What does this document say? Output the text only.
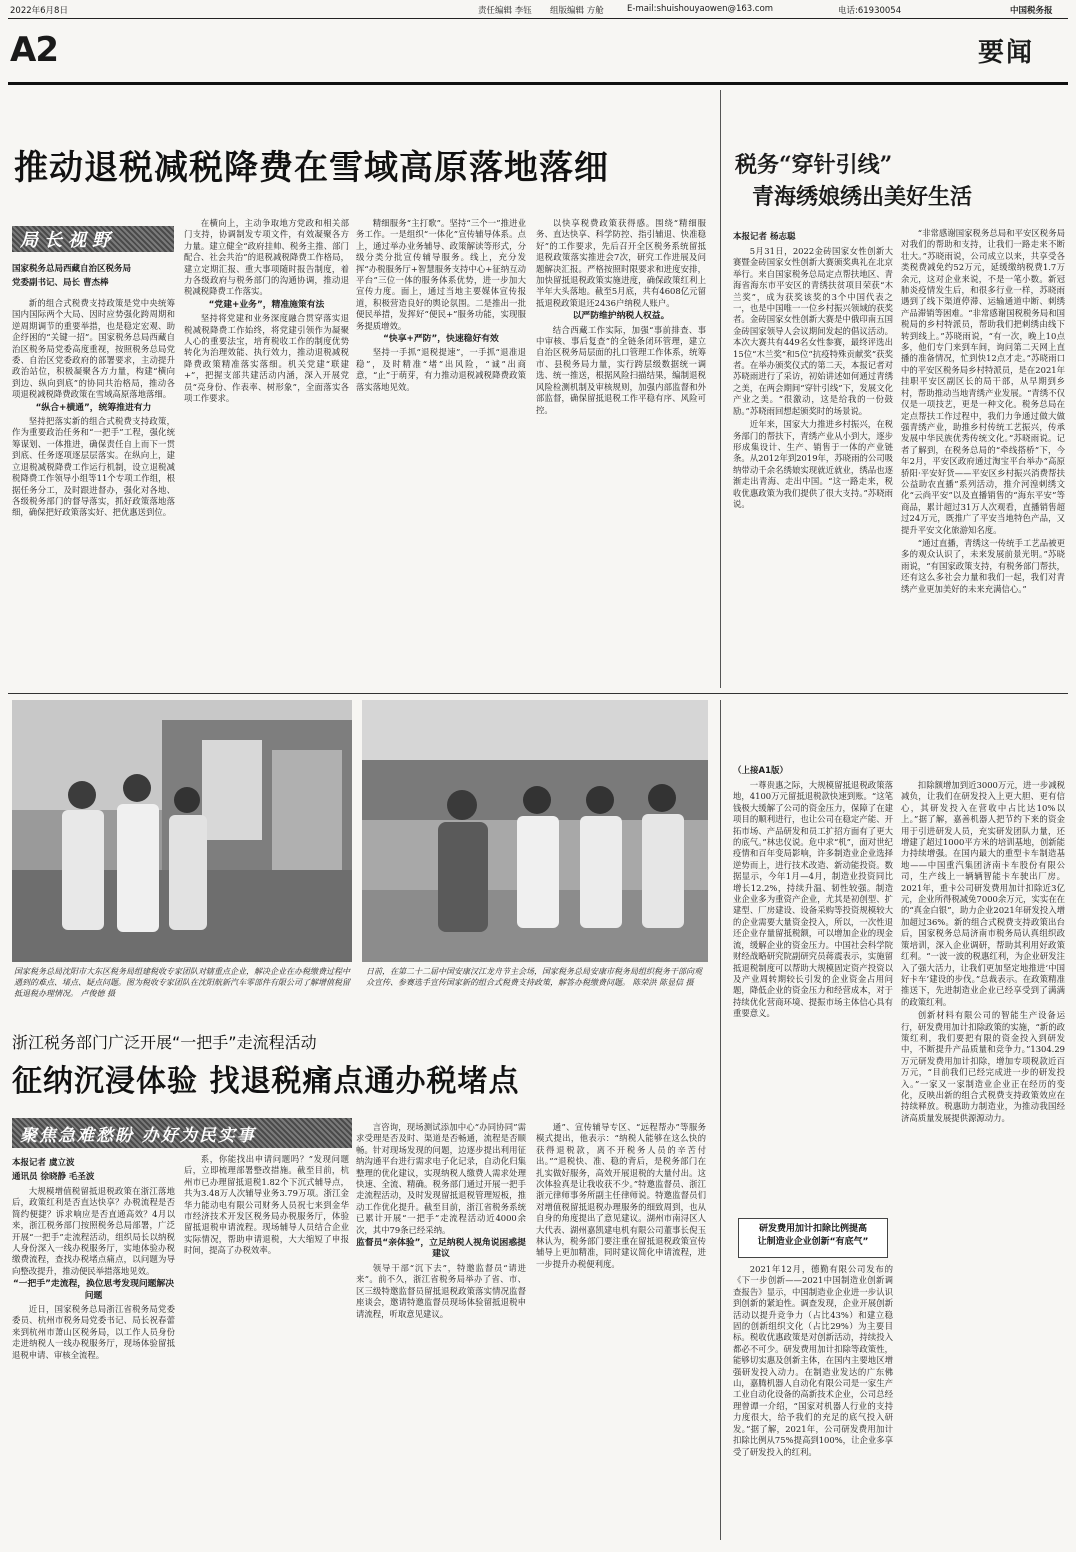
2022年6月8日	责任编辑 李钰 组版编辑 方舱	E-mail:shuishouyaowen@163.com	电话:61930054	中国税务报
A2	要闻
推动退税减税降费在雪域高原落地落细
局长视野
国家税务总局西藏自治区税务局
党委副书记、局长 曹杰棒

新的组合式税费支持政策是党中央统筹国内国际两个大局、因时应势强化跨周期和逆周期调节的重要举措，也是稳定宏观、助企纾困的“关键一招”。国家税务总局西藏自治区税务局党委高度重视，按照税务总局党委、自治区党委政府的部署要求，主动提升政治站位，积极凝聚各方力量，构建“横向到边、纵向到底”的协同共治格局，推动各项退税减税降费政策在雪域高原落地落细。

“纵合+横通”，统筹推进有力

坚持把落实新的组合式税费支持政策，作为重要政治任务和“一把手”工程，强化统筹谋划、一体推进，确保责任自上而下一贯到底、任务逐项逐层层落实。在纵向上，建立退税减税降费工作运行机制，设立退税减税降费工作领导小组等11个专项工作组，根据任务分工，及时跟进督办，强化对各地、各级税务部门的督导落实，抓好政策落地落细，确保把好政策落实好、把优惠送到位。

在横向上，主动争取地方党政和相关部门支持，协调制发专项文件，有效凝聚各方力量。建立健全“政府挂帅、税务主推、部门配合、社会共治”的退税减税降费工作格局，建立定期汇报、重大事项随时报告制度，着力各级政府与税务部门的沟通协调，推动退税减税降费工作落实。

“党建+业务”，精准施策有法

坚持将党建和业务深度融合贯穿落实退税减税降费工作始终，将党建引领作为凝聚人心的重要法宝，培育税收工作的制度优势转化为治理效能、执行效力，推动退税减税降费政策精准落实落细。机关党建“联建+”，把握支部共建活动内涵，深入开展党员“亮身份、作表率、树形象”，全面落实各项工作要求。

精细服务“主打歌”。坚持“三个一”推进业务工作。一是组织“一体化”宣传辅导体系。点上，通过举办业务辅导、政策解读等形式，分级分类分批宣传辅导服务。线上，充分发挥“办税服务厅+智慧服务支持中心+征纳互动平台”三位一体的服务体系优势，进一步加大宣传力度。面上，通过当地主要媒体宣传报道，积极营造良好的舆论氛围。二是推出一批便民举措，发挥好“便民+”服务功能，实现服务提质增效。

“快享+严防”，快速稳好有效

坚持一手抓“退税提速”，一手抓“退准退稳”，及时精准“堵”出风险，“诚”出商意，“止”于萌芽，有力推动退税减税降费政策落实落地见效。

以快享税费政策获得感。围绕“精细服务、直达快享、科学防控、指引辅退、快准稳好”的工作要求，先后召开全区税务系统留抵退税政策落实推进会7次，研究工作进展及问题解决汇报。严格按照时限要求和进度安排，加快留抵退税政策实施进度，确保政策红利上半年大头落地。截至5月底，共有4608亿元留抵退税政策退还2436户纳税人账户。

以严防维护纳税人权益。

结合西藏工作实际，加强“事前排查、事中审核、事后复查”的全链条闭环管理，建立自治区税务局层面的扎口管理工作体系，统筹市、县税务局力量，实行跨层级数据统一调选、统一推送，根据风险扫描结果，编制退税风险检测机制及审核规则，加强内部监督和外部监督，确保留抵退税工作平稳有序、风险可控。

税务“穿针引线”
青海绣娘绣出美好生活
本报记者 杨志聪

5月31日，2022金砖国家女性创新大赛暨金砖国家女性创新大赛颁奖典礼在北京举行。来自国家税务总局定点帮扶地区、青海省海东市平安区的青绣扶贫项目荣获“木兰奖”，成为获奖该奖的3个中国代表之一，也是中国唯一一位乡村振兴领域的获奖者。金砖国家女性创新大赛是中俄印南五国金砖国家领导人会议期间发起的倡议活动。本次大赛共有449名女性参赛，最终评选出15位“木兰奖”和5位“抗疫特殊贡献奖”获奖者。在举办颁奖仪式的第二天，本报记者对苏晓雨进行了采访，初始讲述如何通过青绣之美，在两会期间“穿针引线”下，发展文化产业之美。“很激动，这是给我的一份鼓励。”苏晓雨回想起颁奖时的场景说。

近年来，国家大力推进乡村振兴，在税务部门的帮扶下，青绣产业从小到大，逐步形成集设计、生产、销售于一体的产业链条。从2012年到2019年，苏晓雨的公司吸纳带动千余名绣娘实现就近就业，绣品也逐渐走出青海、走出中国。“这一路走来，税收优惠政策为我们提供了很大支持。”苏晓雨说。

“非常感谢国家税务总局和平安区税务局对我们的帮助和支持，让我们一路走来不断壮大。”苏晓雨说，公司成立以来，共享受各类税费减免约52万元，延缓缴纳税费1.7万余元，这对企业来说，不是一笔小数。新冠肺炎疫情发生后，和很多行业一样，苏晓雨遇到了线下渠道停滞、运输通道中断、刺绣产品滞销等困难。“非常感谢国税税务局和国税局的乡村特派员，帮助我们把刺绣由线下转到线上。”苏晓雨说，“有一次，晚上10点多，他们专门来到车间，询问第二天网上直播的准备情况，忙到快12点才走。”苏晓雨口中的平安区税务局乡村特派员，是在2021年挂职平安区副区长的局干部，从早期到乡村，帮助推动当地青绣产业发展。“青绣不仅仅是一项技艺，更是一种文化。税务总局在定点帮扶工作过程中，我们力争通过做大做强青绣产业，助推乡村传统工艺振兴，传承发展中华民族优秀传统文化。”苏晓雨说。记者了解到，在税务总局的“牵线搭桥”下，今年2月，平安区政府通过淘宝平台举办“高原骄阳·平安好货——平安区乡村振兴消费帮扶公益助农直播”系列活动，推介河湟刺绣文化“云尚平安”以及直播销售的“海东平安”等商品，累计超过31万人次观看，直播销售超过24万元，既推广了平安当地特色产品，又提升平安文化旅游知名度。

“通过直播，青绣这一传统手工艺品被更多的观众认识了，未来发展前景光明。”苏晓雨说，“有国家政策支持，有税务部门帮扶，还有这么多社会力量和我们一起，我们对青绣产业更加美好的未来充满信心。”

国家税务总局沈阳市大东区税务局组建税收专家团队对辖重点企业，解决企业在办税缴费过程中遇到的难点、堵点、疑点问题。图为税收专家团队在沈阳航新汽车零部件有限公司了解增值税留抵退税办理情况。 卢俊德 摄
日前，在第二十二届中国安康汉江龙舟节主会场，国家税务总局安康市税务局组织税务干部向观众宣传、参赛选手宣传国家新的组合式税费支持政策，解答办税缴费问题。 陈荣洪 陈显信 摄
（上接A1版）

一尊贵惠之际，大规模留抵退税政策落地，4100万元留抵退税款快速到账。“这笔钱极大缓解了公司的资金压力，保障了在建项目的顺利进行，也让公司在稳定产能、开拓市场、产品研发和员工扩招方面有了更大的底气。”林忠仪说。危中求“机”，面对世纪疫情和百年变局影响，许多制造业企业选择逆势而上，进行技术改造、新动能投资。数据显示，今年1月—4月，制造业投资同比增长12.2%，持续升温、韧性较强。制造业企业多为重资产企业，尤其是初创型、扩建型、厂房建设、设备采购等投资规模较大的企业需要大量资金投入，所以，一次性退还企业存量留抵税额，可以增加企业的现金流，缓解企业的资金压力。中国社会科学院财经战略研究院副研究员蒋震表示，实施留抵退税制度可以帮助大规模固定资产投资以及产业周转期较长引发的企业资金占用问题，降低企业的资金压力和经营成本，对于持续优化营商环境、提振市场主体信心具有重要意义。

扣除额增加到近3000万元，进一步减税减负，让我们在研发投入上更大胆、更有信心，其研发投入在营收中占比达10%以上。”据了解，嘉善机器人把节约下来的资金用于引进研发人员，充实研发团队力量，还增建了超过1000平方米的培训基地，创新能力持续增强。在国内最大的重型卡车制造基地——中国重汽集团济南卡车股份有限公司，生产线上一辆辆智能卡车驶出厂房。2021年，重卡公司研发费用加计扣除近3亿元，企业所得税减免7000余万元，实实在在的“真金白银”，助力企业2021年研发投入增加超过36%。新的组合式税费支持政策出台后，国家税务总局济南市税务局认真组织政策培训，深入企业调研，帮助其利用好政策红利。“一波一波的税惠红利，为企业研发注入了强大活力，让我们更加坚定地推进‘中国好卡车’建设的步伐。”总裁表示。在政策精准推送下，先进制造业企业已经享受到了满满的政策红利。

创新材料有限公司的智能生产设备运行，研发费用加计扣除政策的实施，“新的政策红利，我们要把有限的资金投入到研发中，不断提升产品质量和竞争力。”1304.29万元研发费用加计扣除，增加专项税款近百万元，“目前我们已经完成进一步的研发投入。”一家又一家制造业企业正在经历的变化，反映出新的组合式税费支持政策效应在持续释放。税惠助力制造业，为推动我国经济高质量发展提供源源动力。

研发费用加计扣除比例提高
让制造业企业创新“有底气”

2021年12月，德勤有限公司发布的《下一步创新——2021中国制造业创新调查报告》显示，中国制造业企业进一步认识到创新的紧迫性。调查发现，企业开展创新活动以提升竞争力（占比43%）和建立稳固的创新组织文化（占比29%）为主要目标。税收优惠政策是对创新活动，持续投入都必不可少。研发费用加计扣除等政策性，能够切实惠及创新主体，在国内主要地区增强研发投入动力。在制造业发达的广东佛山，嘉腾机器人自动化有限公司是一家生产工业自动化设备的高新技术企业，公司总经理曾谭一介绍，“国家对机器人行业的支持力度很大，给予我们的充足的底气投入研发。”据了解，2021年，公司研发费用加计扣除比例从75%提高到100%，让企业多享受了研发投入的红利。

浙江税务部门广泛开展“一把手”走流程活动
征纳沉浸体验 找退税痛点通办税堵点
聚焦急难愁盼 办好为民实事
本报记者 虞立波
通讯员 徐晓静 毛圣波

大规模增值税留抵退税政策在浙江落地后，政策红利是否直达快享？办税流程是否简约便捷？诉求响应是否直通高效？4月以来，浙江税务部门按照税务总局部署，广泛开展“一把手”走流程活动，组织局长以纳税人身份深入一线办税服务厅，实地体验办税缴费流程，查找办税堵点痛点，以问题为导向整改提升，推动便民举措落地见效。

“一把手”走流程，换位思考发现问题解决问题

近日，国家税务总局浙江省税务局党委委员、杭州市税务局党委书记、局长祝春蕾来到杭州市萧山区税务局，以工作人员身份走进纳税人一线办税服务厅，现场体验留抵退税申请、审核全流程。

系，你能找出申请问题吗？”发现问题后，立即梳理部署整改措施。截至目前，杭州市已办理留抵退税1.82个下沉式辅导点，共为3.48万人次辅导业务3.79万项。浙江金华力能动电有限公司财务人员祝七来到金华市经济技术开发区税务局办税服务厅，体验留抵退税申请流程。现场辅导人员结合企业实际情况，帮助申请退税，大大缩短了申报时间，提高了办税效率。

言咨询，现场测试添加中心“办同协同”需求受理是否及时、渠道是否畅通，流程是否顺畅。针对现场发现的问题，边逐步提出利用征纳沟通平台进行需求电子化记录，自动化归集整理的优化建议，实现纳税人缴费人需求处理快速、全流、精确。税务部门通过开展一把手走流程活动，及时发现留抵退税管理短板，推动工作优化提升。截至目前，浙江省税务系统已累计开展“一把手”走流程活动近4000余次，其中79条已经采纳。

监督员“亲体验”，立足纳税人视角说困惑提建议

领导干部“沉下去”，特邀监督员“请进来”。前不久，浙江省税务局举办了省、市、区三级特邀监督员留抵退税政策落实情况监督座谈会，邀请特邀监督员现场体验留抵退税申请流程，听取意见建议。

通”、宣传辅导专区、“远程帮办”等服务模式提出，他表示：“纳税人能够在这么快的获得退税款，离不开税务人员的辛苦付出。”“退税快、准、稳的背后，是税务部门在扎实做好服务，高效开展退税的大量付出。这次体验真是让我收获不少。”特邀监督员、浙江浙元律师事务所副主任律师说。特邀监督员们对增值税留抵退税办理服务的细致周到，也从自身的角度提出了意见建议。湖州市南浔区人大代表、湖州嘉凯建电机有限公司董事长倪玉林认为，税务部门要注重在留抵退税政策宣传辅导上更加精准，同时建议简化申请流程，进一步提升办税便利度。
